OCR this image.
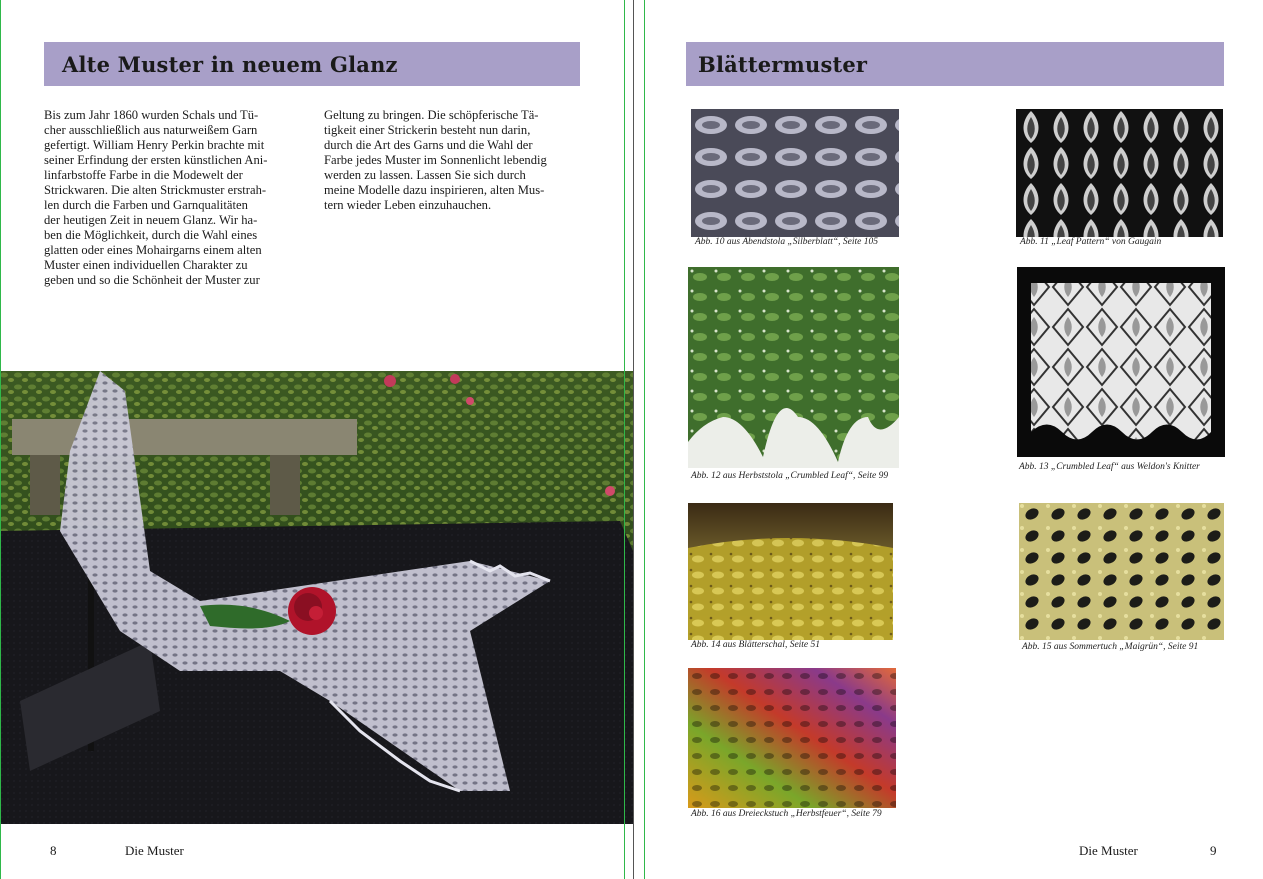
Alte Muster in neuem Glanz
Bis zum Jahr 1860 wurden Schals und Tü-
cher ausschließlich aus naturweißem Garn
gefertigt. William Henry Perkin brachte mit
seiner Erfindung der ersten künstlichen Ani-
linfarbstoffe Farbe in die Modewelt der
Strickwaren. Die alten Strickmuster erstrah-
len durch die Farben und Garnqualitäten
der heutigen Zeit in neuem Glanz. Wir ha-
ben die Möglichkeit, durch die Wahl eines
glatten oder eines Mohairgarns einem alten
Muster einen individuellen Charakter zu
geben und so die Schönheit der Muster zur
Geltung zu bringen. Die schöpferische Tä-
tigkeit einer Strickerin besteht nun darin,
durch die Art des Garns und die Wahl der
Farbe jedes Muster im Sonnenlicht lebendig
werden zu lassen. Lassen Sie sich durch
meine Modelle dazu inspirieren, alten Mus-
tern wieder Leben einzuhauchen.
8	Die Muster
Blättermuster
Abb. 10 aus Abendstola „Silberblatt“, Seite 105	Abb. 11 „Leaf Pattern“ von Gaugain
Abb. 12 aus Herbststola „Crumbled Leaf“, Seite 99
Abb. 13 „Crumbled Leaf“ aus Weldon's Knitter
Abb. 14 aus Blätterschal, Seite 51	Abb. 15 aus Sommertuch „Maigrün“, Seite 91
Abb. 16 aus Dreieckstuch „Herbstfeuer“, Seite 79
Die Muster	9
